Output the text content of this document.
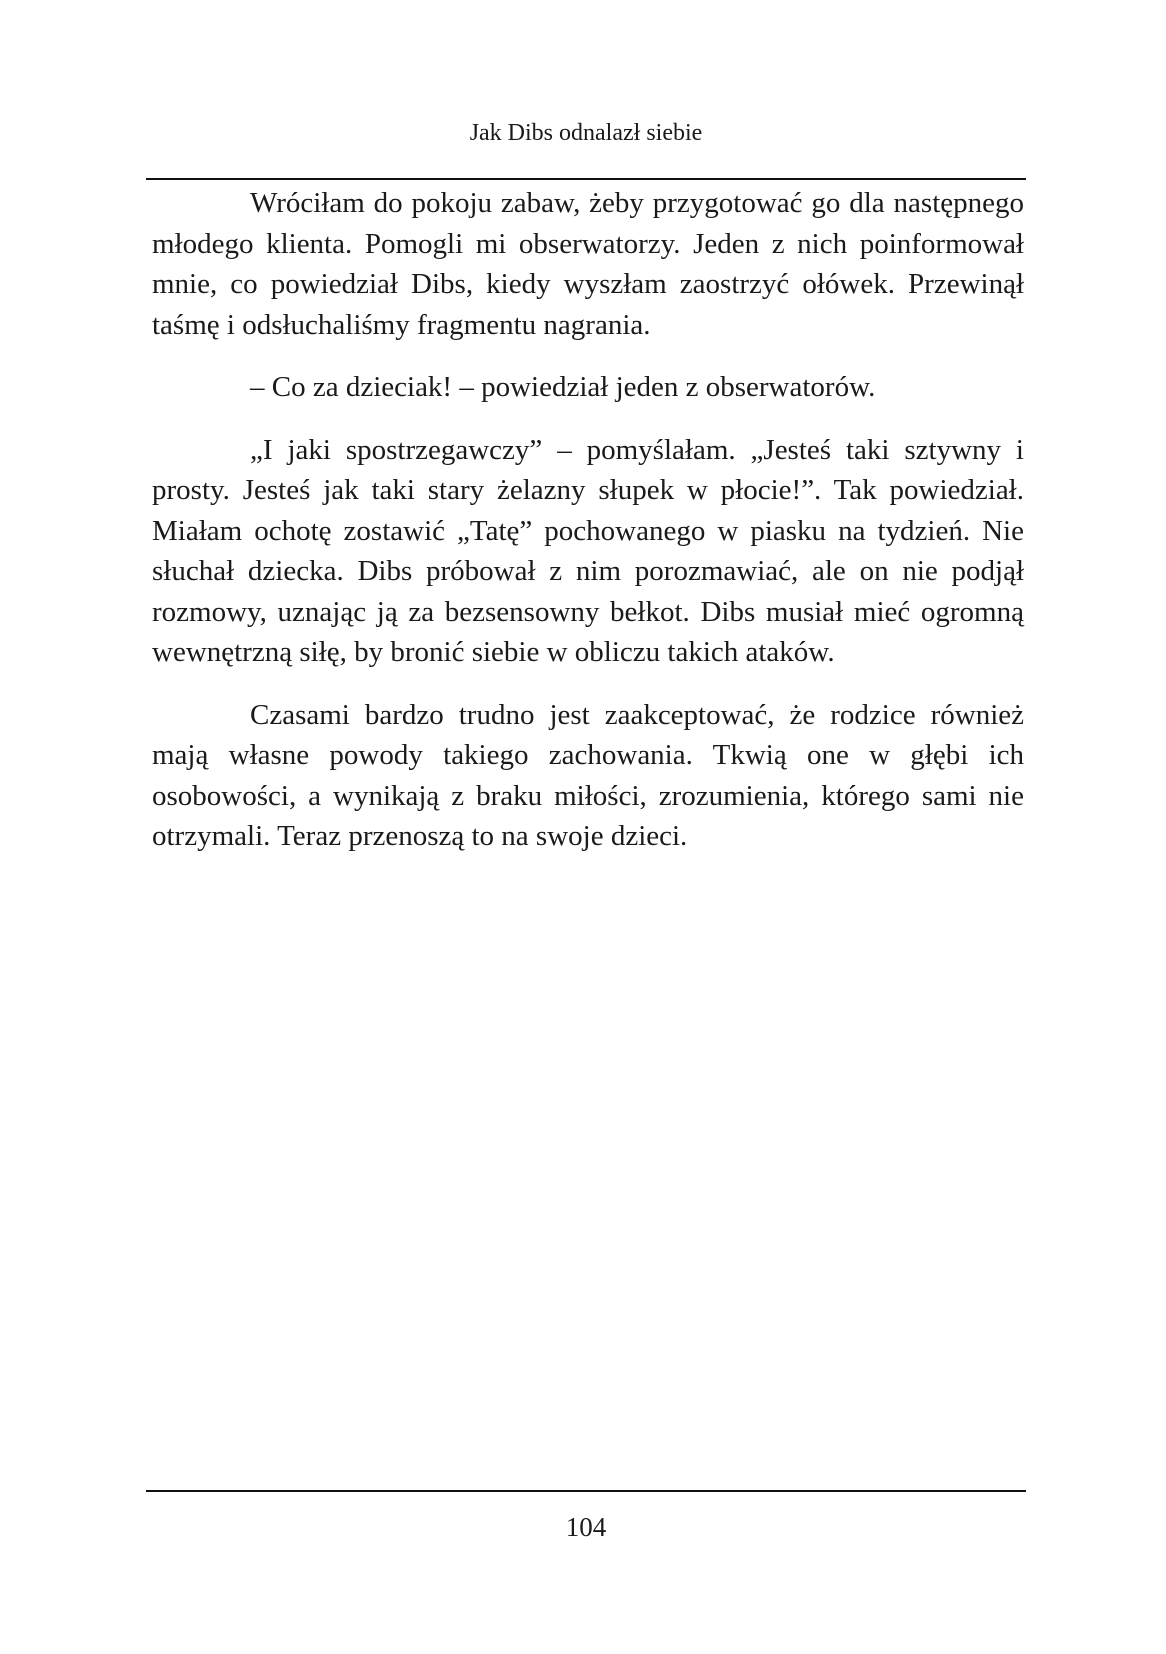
Jak Dibs odnalazł siebie

Wróciłam do pokoju zabaw, żeby przygotować go dla następnego młodego klienta. Pomogli mi obserwatorzy. Jeden z nich poinformował mnie, co powiedział Dibs, kiedy wyszłam zaostrzyć ołówek. Przewinął taśmę i odsłuchaliśmy fragmentu nagrania.

– Co za dzieciak! – powiedział jeden z obserwatorów.

„I jaki spostrzegawczy” – pomyślałam. „Jesteś taki sztywny i prosty. Jesteś jak taki stary żelazny słupek w płocie!”. Tak powiedział. Miałam ochotę zostawić „Tatę” pochowanego w piasku na tydzień. Nie słuchał dziecka. Dibs próbował z nim porozmawiać, ale on nie podjął rozmowy, uznając ją za bezsensowny bełkot. Dibs musiał mieć ogromną wewnętrzną siłę, by bronić siebie w obliczu takich ataków.

Czasami bardzo trudno jest zaakceptować, że rodzice również mają własne powody takiego zachowania. Tkwią one w głębi ich osobowości, a wynikają z braku miłości, zrozumienia, którego sami nie otrzymali. Teraz przenoszą to na swoje dzieci.

104
